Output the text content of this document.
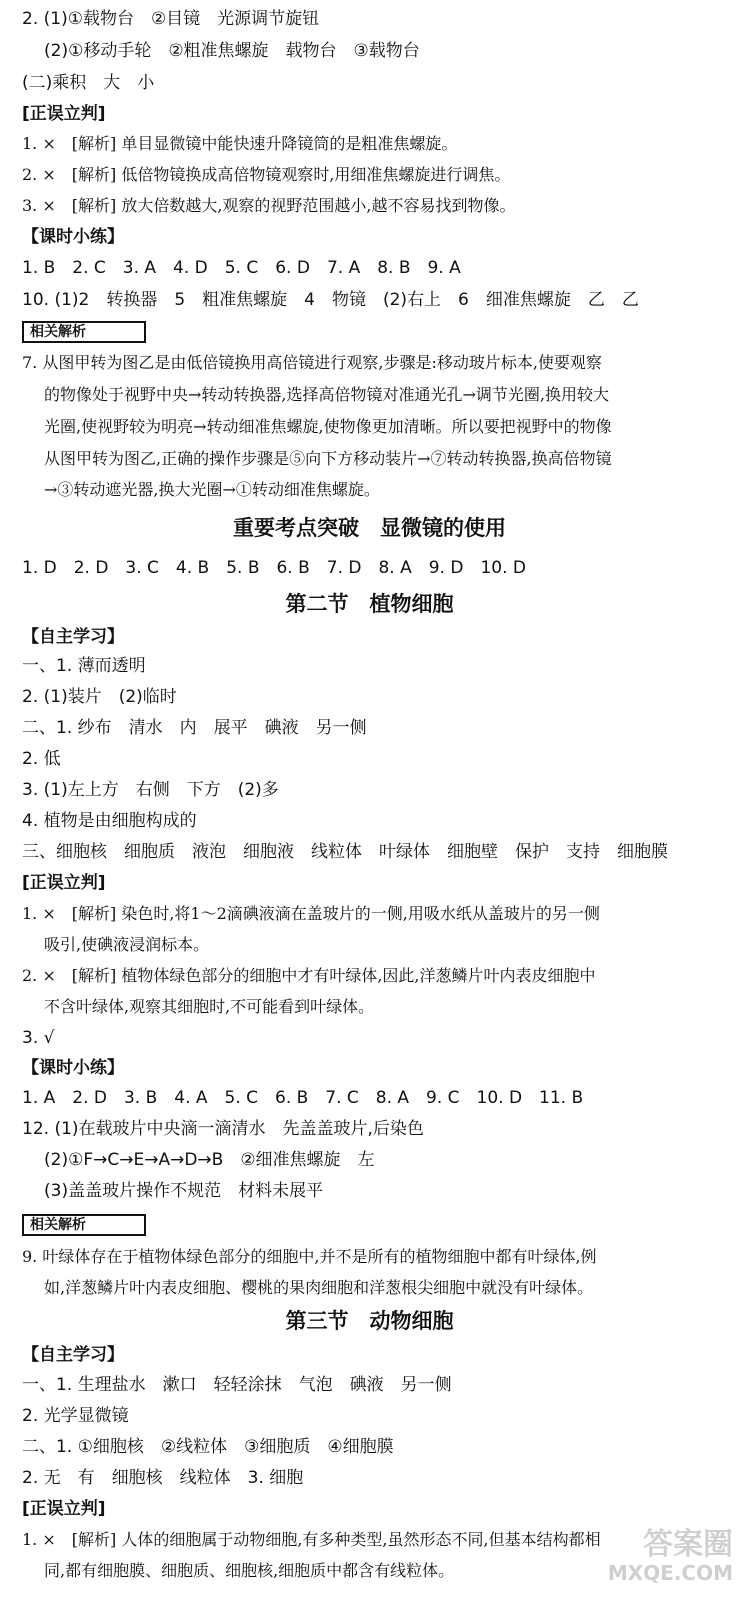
2. (1)①载物台　②目镜　光源调节旋钮
(2)①移动手轮　②粗准焦螺旋　载物台　③载物台
(二)乘积　大　小
[正误立判]
1. ×　[解析] 单目显微镜中能快速升降镜筒的是粗准焦螺旋。
2. ×　[解析] 低倍物镜换成高倍物镜观察时,用细准焦螺旋进行调焦。
3. ×　[解析] 放大倍数越大,观察的视野范围越小,越不容易找到物像。
【课时小练】
1. B　2. C　3. A　4. D　5. C　6. D　7. A　8. B　9. A
10. (1)2　转换器　5　粗准焦螺旋　4　物镜　(2)右上　6　细准焦螺旋　乙　乙
相关解析
7. 从图甲转为图乙是由低倍镜换用高倍镜进行观察,步骤是:移动玻片标本,使要观察
的物像处于视野中央→转动转换器,选择高倍物镜对准通光孔→调节光圈,换用较大
光圈,使视野较为明亮→转动细准焦螺旋,使物像更加清晰。所以要把视野中的物像
从图甲转为图乙,正确的操作步骤是⑤向下方移动装片→⑦转动转换器,换高倍物镜
→③转动遮光器,换大光圈→①转动细准焦螺旋。
重要考点突破　显微镜的使用
1. D　2. D　3. C　4. B　5. B　6. B　7. D　8. A　9. D　10. D
第二节　植物细胞
【自主学习】
一、1. 薄而透明
2. (1)装片　(2)临时
二、1. 纱布　清水　内　展平　碘液　另一侧
2. 低
3. (1)左上方　右侧　下方　(2)多
4. 植物是由细胞构成的
三、细胞核　细胞质　液泡　细胞液　线粒体　叶绿体　细胞壁　保护　支持　细胞膜
[正误立判]
1. ×　[解析] 染色时,将1～2滴碘液滴在盖玻片的一侧,用吸水纸从盖玻片的另一侧
吸引,使碘液浸润标本。
2. ×　[解析] 植物体绿色部分的细胞中才有叶绿体,因此,洋葱鳞片叶内表皮细胞中
不含叶绿体,观察其细胞时,不可能看到叶绿体。
3. √
【课时小练】
1. A　2. D　3. B　4. A　5. C　6. B　7. C　8. A　9. C　10. D　11. B
12. (1)在载玻片中央滴一滴清水　先盖盖玻片,后染色
(2)①F→C→E→A→D→B　②细准焦螺旋　左
(3)盖盖玻片操作不规范　材料未展平
相关解析
9. 叶绿体存在于植物体绿色部分的细胞中,并不是所有的植物细胞中都有叶绿体,例
如,洋葱鳞片叶内表皮细胞、樱桃的果肉细胞和洋葱根尖细胞中就没有叶绿体。
第三节　动物细胞
【自主学习】
一、1. 生理盐水　漱口　轻轻涂抹　气泡　碘液　另一侧
2. 光学显微镜
二、1. ①细胞核　②线粒体　③细胞质　④细胞膜
2. 无　有　细胞核　线粒体　3. 细胞
[正误立判]
1. ×　[解析] 人体的细胞属于动物细胞,有多种类型,虽然形态不同,但基本结构都相
同,都有细胞膜、细胞质、细胞核,细胞质中都含有线粒体。
答案圈
MXQE.COM
